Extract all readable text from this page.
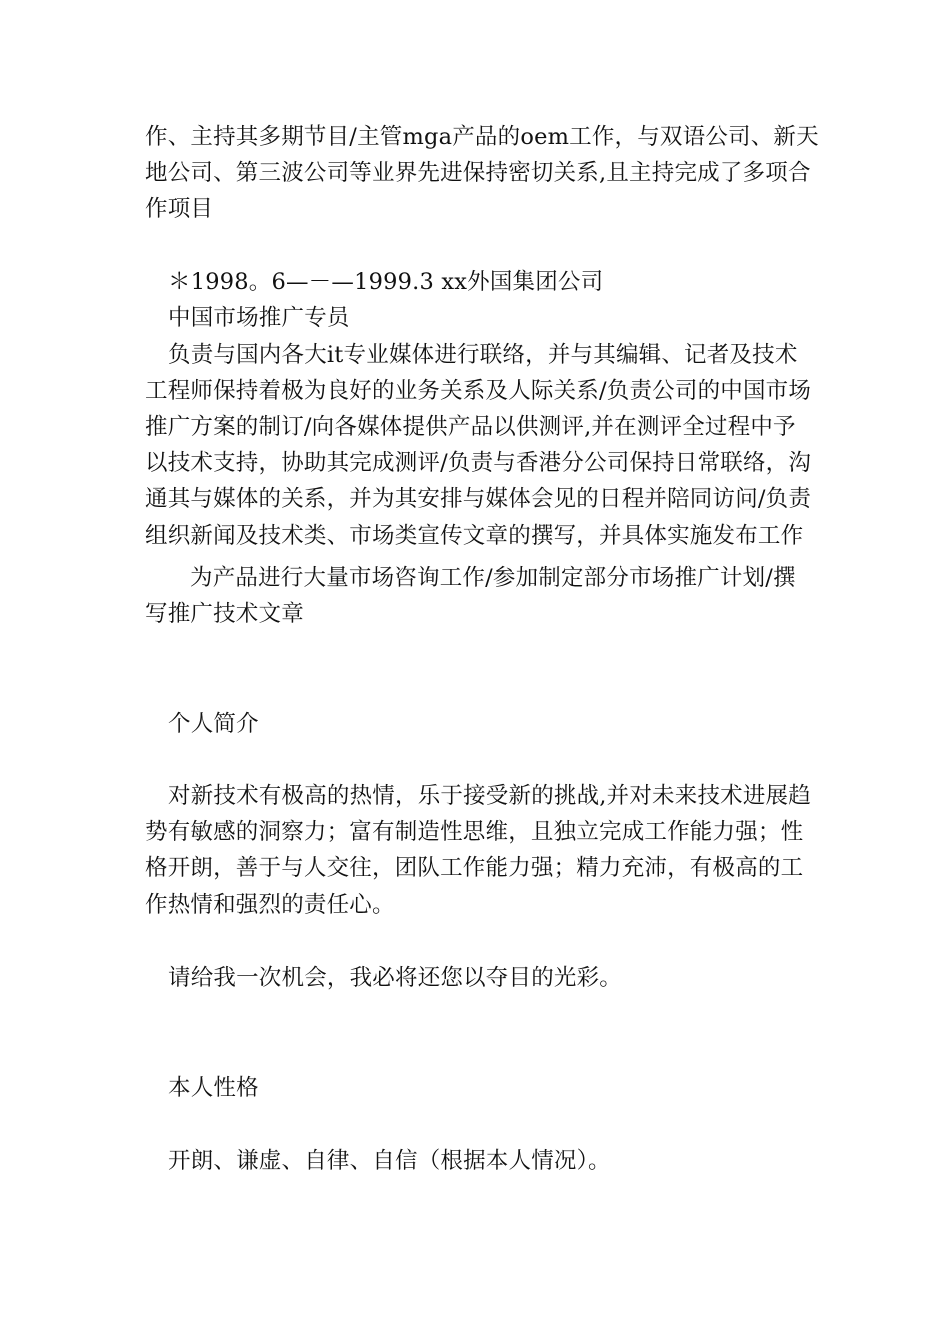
作、主持其多期节目/主管mga产品的oem工作，与双语公司、新天

地公司、第三波公司等业界先进保持密切关系,且主持完成了多项合

作项目

＊1998。6—－—1999.3 xx外国集团公司

中国市场推广专员

负责与国内各大it专业媒体进行联络，并与其编辑、记者及技术

工程师保持着极为良好的业务关系及人际关系/负责公司的中国市场

推广方案的制订/向各媒体提供产品以供测评,并在测评全过程中予

以技术支持，协助其完成测评/负责与香港分公司保持日常联络，沟

通其与媒体的关系，并为其安排与媒体会见的日程并陪同访问/负责

组织新闻及技术类、市场类宣传文章的撰写，并具体实施发布工作

为产品进行大量市场咨询工作/参加制定部分市场推广计划/撰

写推广技术文章

个人简介

对新技术有极高的热情，乐于接受新的挑战,并对未来技术进展趋

势有敏感的洞察力；富有制造性思维，且独立完成工作能力强；性

格开朗，善于与人交往，团队工作能力强；精力充沛，有极高的工

作热情和强烈的责任心。

请给我一次机会，我必将还您以夺目的光彩。

本人性格

开朗、谦虚、自律、自信（根据本人情况）。
